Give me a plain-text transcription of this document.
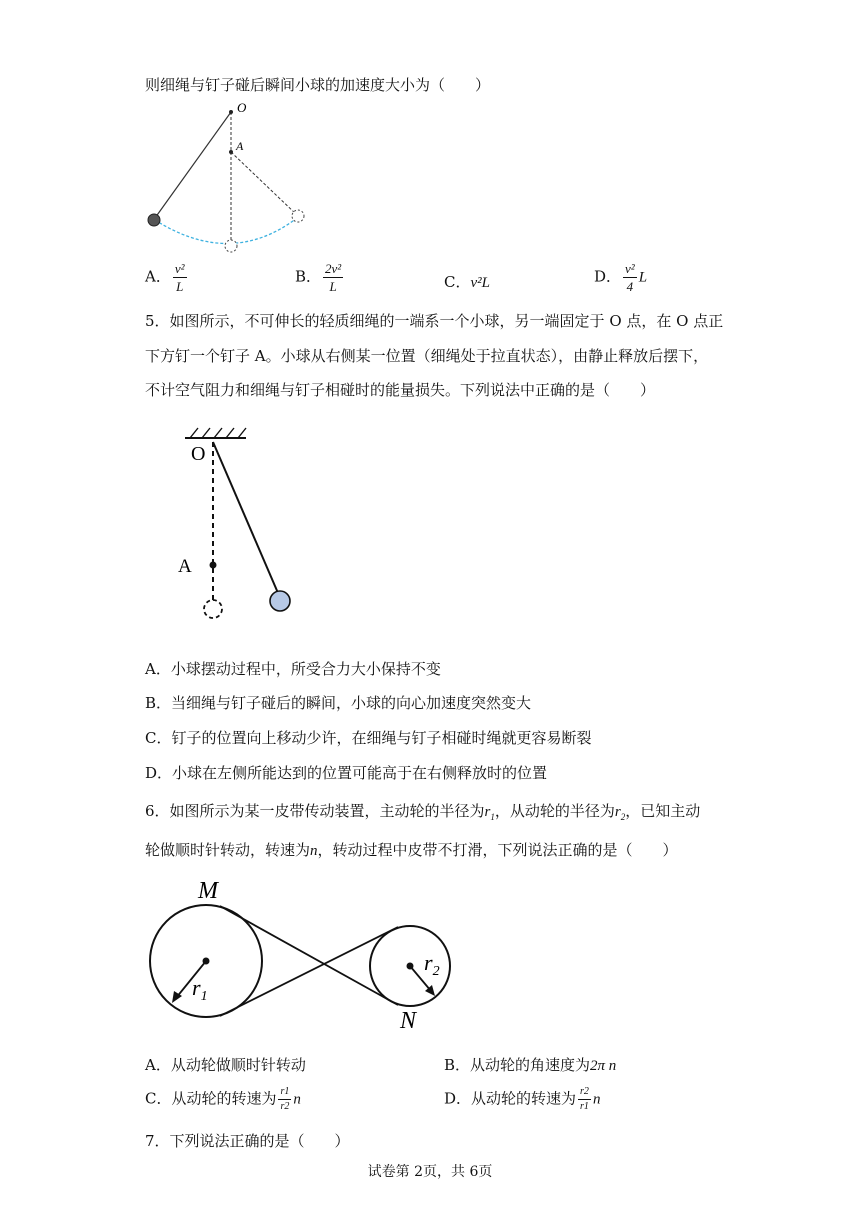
则细绳与钉子碰后瞬间小球的加速度大小为（　　）
O
A
A． $\frac{\text{v²}}{L}$	B． $\frac{\text{2v²}}{L}$	C．v²L	D． $\frac{\text{v²}}{4}$ L
5．如图所示，不可伸长的轻质细绳的一端系一个小球，另一端固定于 O 点，在 O 点正
下方钉一个钉子 A。小球从右侧某一位置（细绳处于拉直状态），由静止释放后摆下，
不计空气阻力和细绳与钉子相碰时的能量损失。下列说法中正确的是（　　）
O
A
A．小球摆动过程中，所受合力大小保持不变
B．当细绳与钉子碰后的瞬间，小球的向心加速度突然变大
C．钉子的位置向上移动少许，在细绳与钉子相碰时绳就更容易断裂
D．小球在左侧所能达到的位置可能高于在右侧释放时的位置
6．如图所示为某一皮带传动装置，主动轮的半径为$r_1$，从动轮的半径为$r_2$，已知主动
轮做顺时针转动，转速为n，转动过程中皮带不打滑，下列说法正确的是（　　）
M
N
$r_1$
$r_2$
A．从动轮做顺时针转动	B．从动轮的角速度为2π n
C．从动轮的转速为 $\frac{r1}{r2}$ n	D．从动轮的转速为 $\frac{r2}{r1}$ n
7．下列说法正确的是（　　）
试卷第 2页，共 6页
